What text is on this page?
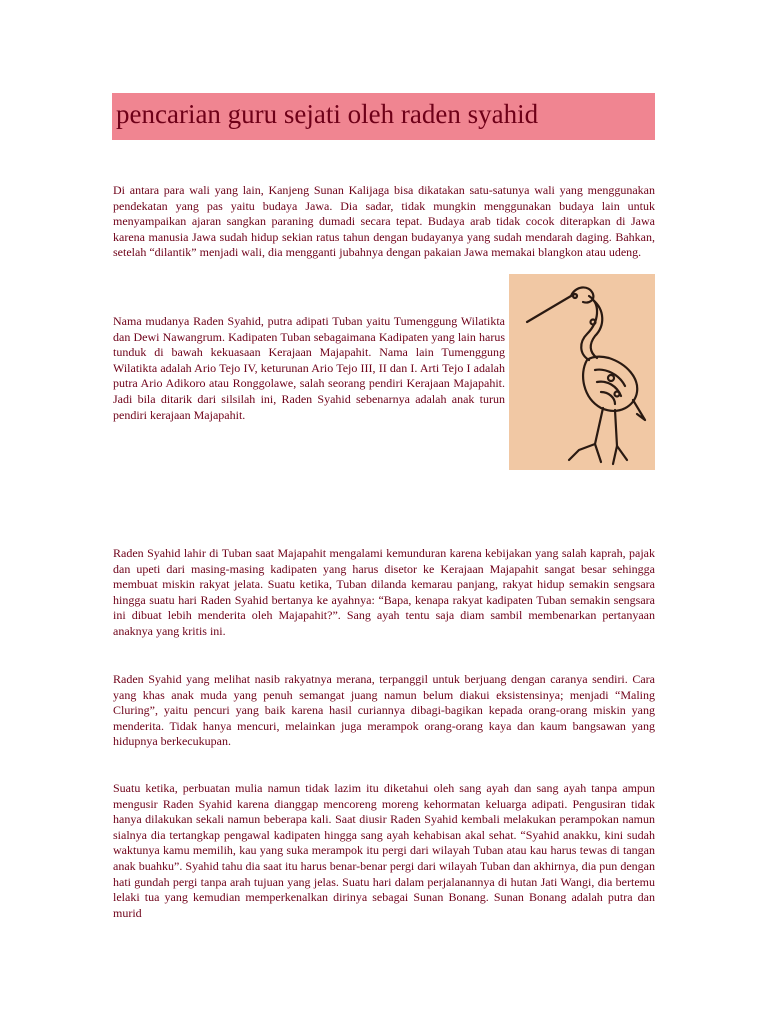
pencarian guru sejati oleh raden syahid

Di antara para wali yang lain, Kanjeng Sunan Kalijaga bisa dikatakan satu-satunya wali yang menggunakan pendekatan yang pas yaitu budaya Jawa. Dia sadar, tidak mungkin menggunakan budaya lain untuk menyampaikan ajaran sangkan paraning dumadi secara tepat. Budaya arab tidak cocok diterapkan di Jawa karena manusia Jawa sudah hidup sekian ratus tahun dengan budayanya yang sudah mendarah daging. Bahkan, setelah “dilantik” menjadi wali, dia mengganti jubahnya dengan pakaian Jawa memakai blangkon atau udeng.

Nama mudanya Raden Syahid, putra adipati Tuban yaitu Tumenggung Wilatikta dan Dewi Nawangrum. Kadipaten Tuban sebagaimana Kadipaten yang lain harus tunduk di bawah kekuasaan Kerajaan Majapahit. Nama lain Tumenggung Wilatikta adalah Ario Tejo IV, keturunan Ario Tejo III, II dan I. Arti Tejo I adalah putra Ario Adikoro atau Ronggolawe, salah seorang pendiri Kerajaan Majapahit. Jadi bila ditarik dari silsilah ini, Raden Syahid sebenarnya adalah anak turun pendiri kerajaan Majapahit.

Raden Syahid lahir di Tuban saat Majapahit mengalami kemunduran karena kebijakan yang salah kaprah, pajak dan upeti dari masing-masing kadipaten yang harus disetor ke Kerajaan Majapahit sangat besar sehingga membuat miskin rakyat jelata. Suatu ketika, Tuban dilanda kemarau panjang, rakyat hidup semakin sengsara hingga suatu hari Raden Syahid bertanya ke ayahnya: “Bapa, kenapa rakyat kadipaten Tuban semakin sengsara ini dibuat lebih menderita oleh Majapahit?”. Sang ayah tentu saja diam sambil membenarkan pertanyaan anaknya yang kritis ini.

Raden Syahid yang melihat nasib rakyatnya merana, terpanggil untuk berjuang dengan caranya sendiri. Cara yang khas anak muda yang penuh semangat juang namun belum diakui eksistensinya; menjadi “Maling Cluring”, yaitu pencuri yang baik karena hasil curiannya dibagi-bagikan kepada orang-orang miskin yang menderita. Tidak hanya mencuri, melainkan juga merampok orang-orang kaya dan kaum bangsawan yang hidupnya berkecukupan.

Suatu ketika, perbuatan mulia namun tidak lazim itu diketahui oleh sang ayah dan sang ayah tanpa ampun mengusir Raden Syahid karena dianggap mencoreng moreng kehormatan keluarga adipati. Pengusiran tidak hanya dilakukan sekali namun beberapa kali. Saat diusir Raden Syahid kembali melakukan perampokan namun sialnya dia tertangkap pengawal kadipaten hingga sang ayah kehabisan akal sehat. “Syahid anakku, kini sudah waktunya kamu memilih, kau yang suka merampok itu pergi dari wilayah Tuban atau kau harus tewas di tangan anak buahku”. Syahid tahu dia saat itu harus benar-benar pergi dari wilayah Tuban dan akhirnya, dia pun dengan hati gundah pergi tanpa arah tujuan yang jelas. Suatu hari dalam perjalanannya di hutan Jati Wangi, dia bertemu lelaki tua yang kemudian memperkenalkan dirinya sebagai Sunan Bonang. Sunan Bonang adalah putra dan murid
